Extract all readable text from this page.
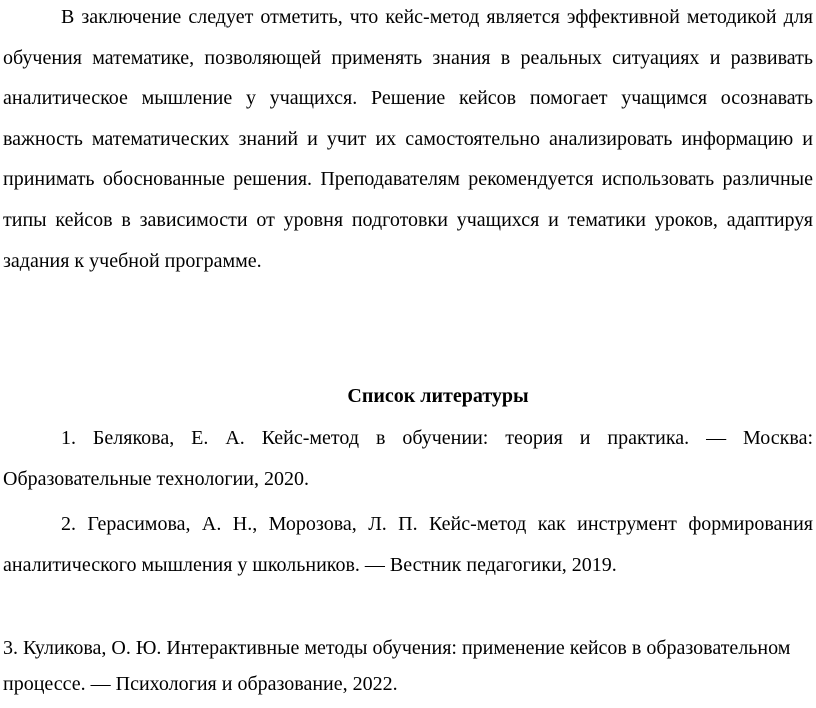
В заключение следует отметить, что кейс-метод является эффективной методикой для обучения математике, позволяющей применять знания в реальных ситуациях и развивать аналитическое мышление у учащихся. Решение кейсов помогает учащимся осознавать важность математических знаний и учит их самостоятельно анализировать информацию и принимать обоснованные решения. Преподавателям рекомендуется использовать различные типы кейсов в зависимости от уровня подготовки учащихся и тематики уроков, адаптируя задания к учебной программе.

Список литературы

1. Белякова, Е. А. Кейс-метод в обучении: теория и практика. — Москва: Образовательные технологии, 2020.

2. Герасимова, А. Н., Морозова, Л. П. Кейс-метод как инструмент формирования аналитического мышления у школьников. — Вестник педагогики, 2019.

3. Куликова, О. Ю. Интерактивные методы обучения: применение кейсов в образовательном процессе. — Психология и образование, 2022.
